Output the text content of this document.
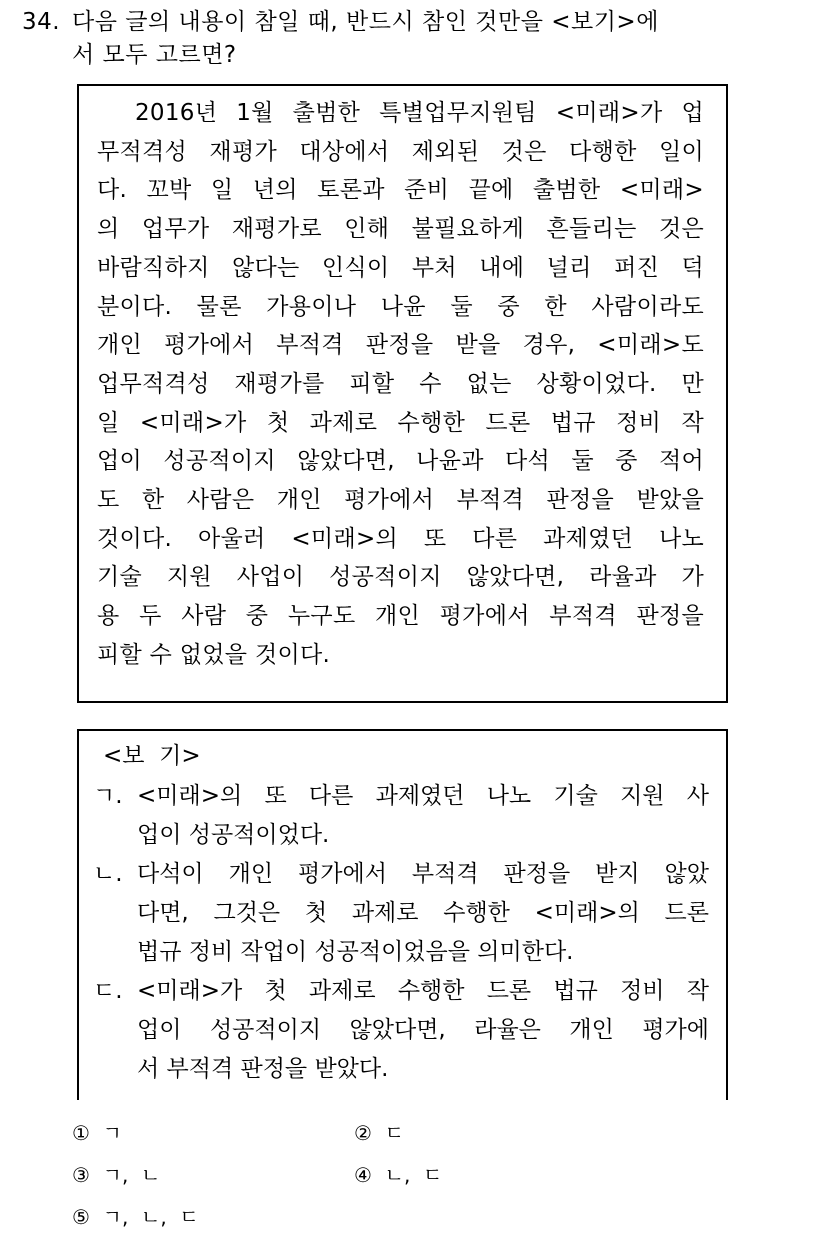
34. 다음 글의 내용이 참일 때, 반드시 참인 것만을 <보기>에
서 모두 고르면?
2016년 1월 출범한 특별업무지원팀 <미래>가 업
무적격성 재평가 대상에서 제외된 것은 다행한 일이
다. 꼬박 일 년의 토론과 준비 끝에 출범한 <미래>
의 업무가 재평가로 인해 불필요하게 흔들리는 것은
바람직하지 않다는 인식이 부처 내에 널리 퍼진 덕
분이다. 물론 가용이나 나윤 둘 중 한 사람이라도
개인 평가에서 부적격 판정을 받을 경우, <미래>도
업무적격성 재평가를 피할 수 없는 상황이었다. 만
일 <미래>가 첫 과제로 수행한 드론 법규 정비 작
업이 성공적이지 않았다면, 나윤과 다석 둘 중 적어
도 한 사람은 개인 평가에서 부적격 판정을 받았을
것이다. 아울러 <미래>의 또 다른 과제였던 나노
기술 지원 사업이 성공적이지 않았다면, 라율과 가
용 두 사람 중 누구도 개인 평가에서 부적격 판정을
피할 수 없었을 것이다.
<보  기>
ㄱ. <미래>의 또 다른 과제였던 나노 기술 지원 사
업이 성공적이었다.
ㄴ. 다석이 개인 평가에서 부적격 판정을 받지 않았
다면, 그것은 첫 과제로 수행한 <미래>의 드론
법규 정비 작업이 성공적이었음을 의미한다.
ㄷ. <미래>가 첫 과제로 수행한 드론 법규 정비 작
업이 성공적이지 않았다면, 라율은 개인 평가에
서 부적격 판정을 받았다.
①  ㄱ	②  ㄷ
③  ㄱ,  ㄴ	④  ㄴ,  ㄷ
⑤  ㄱ,  ㄴ,  ㄷ
